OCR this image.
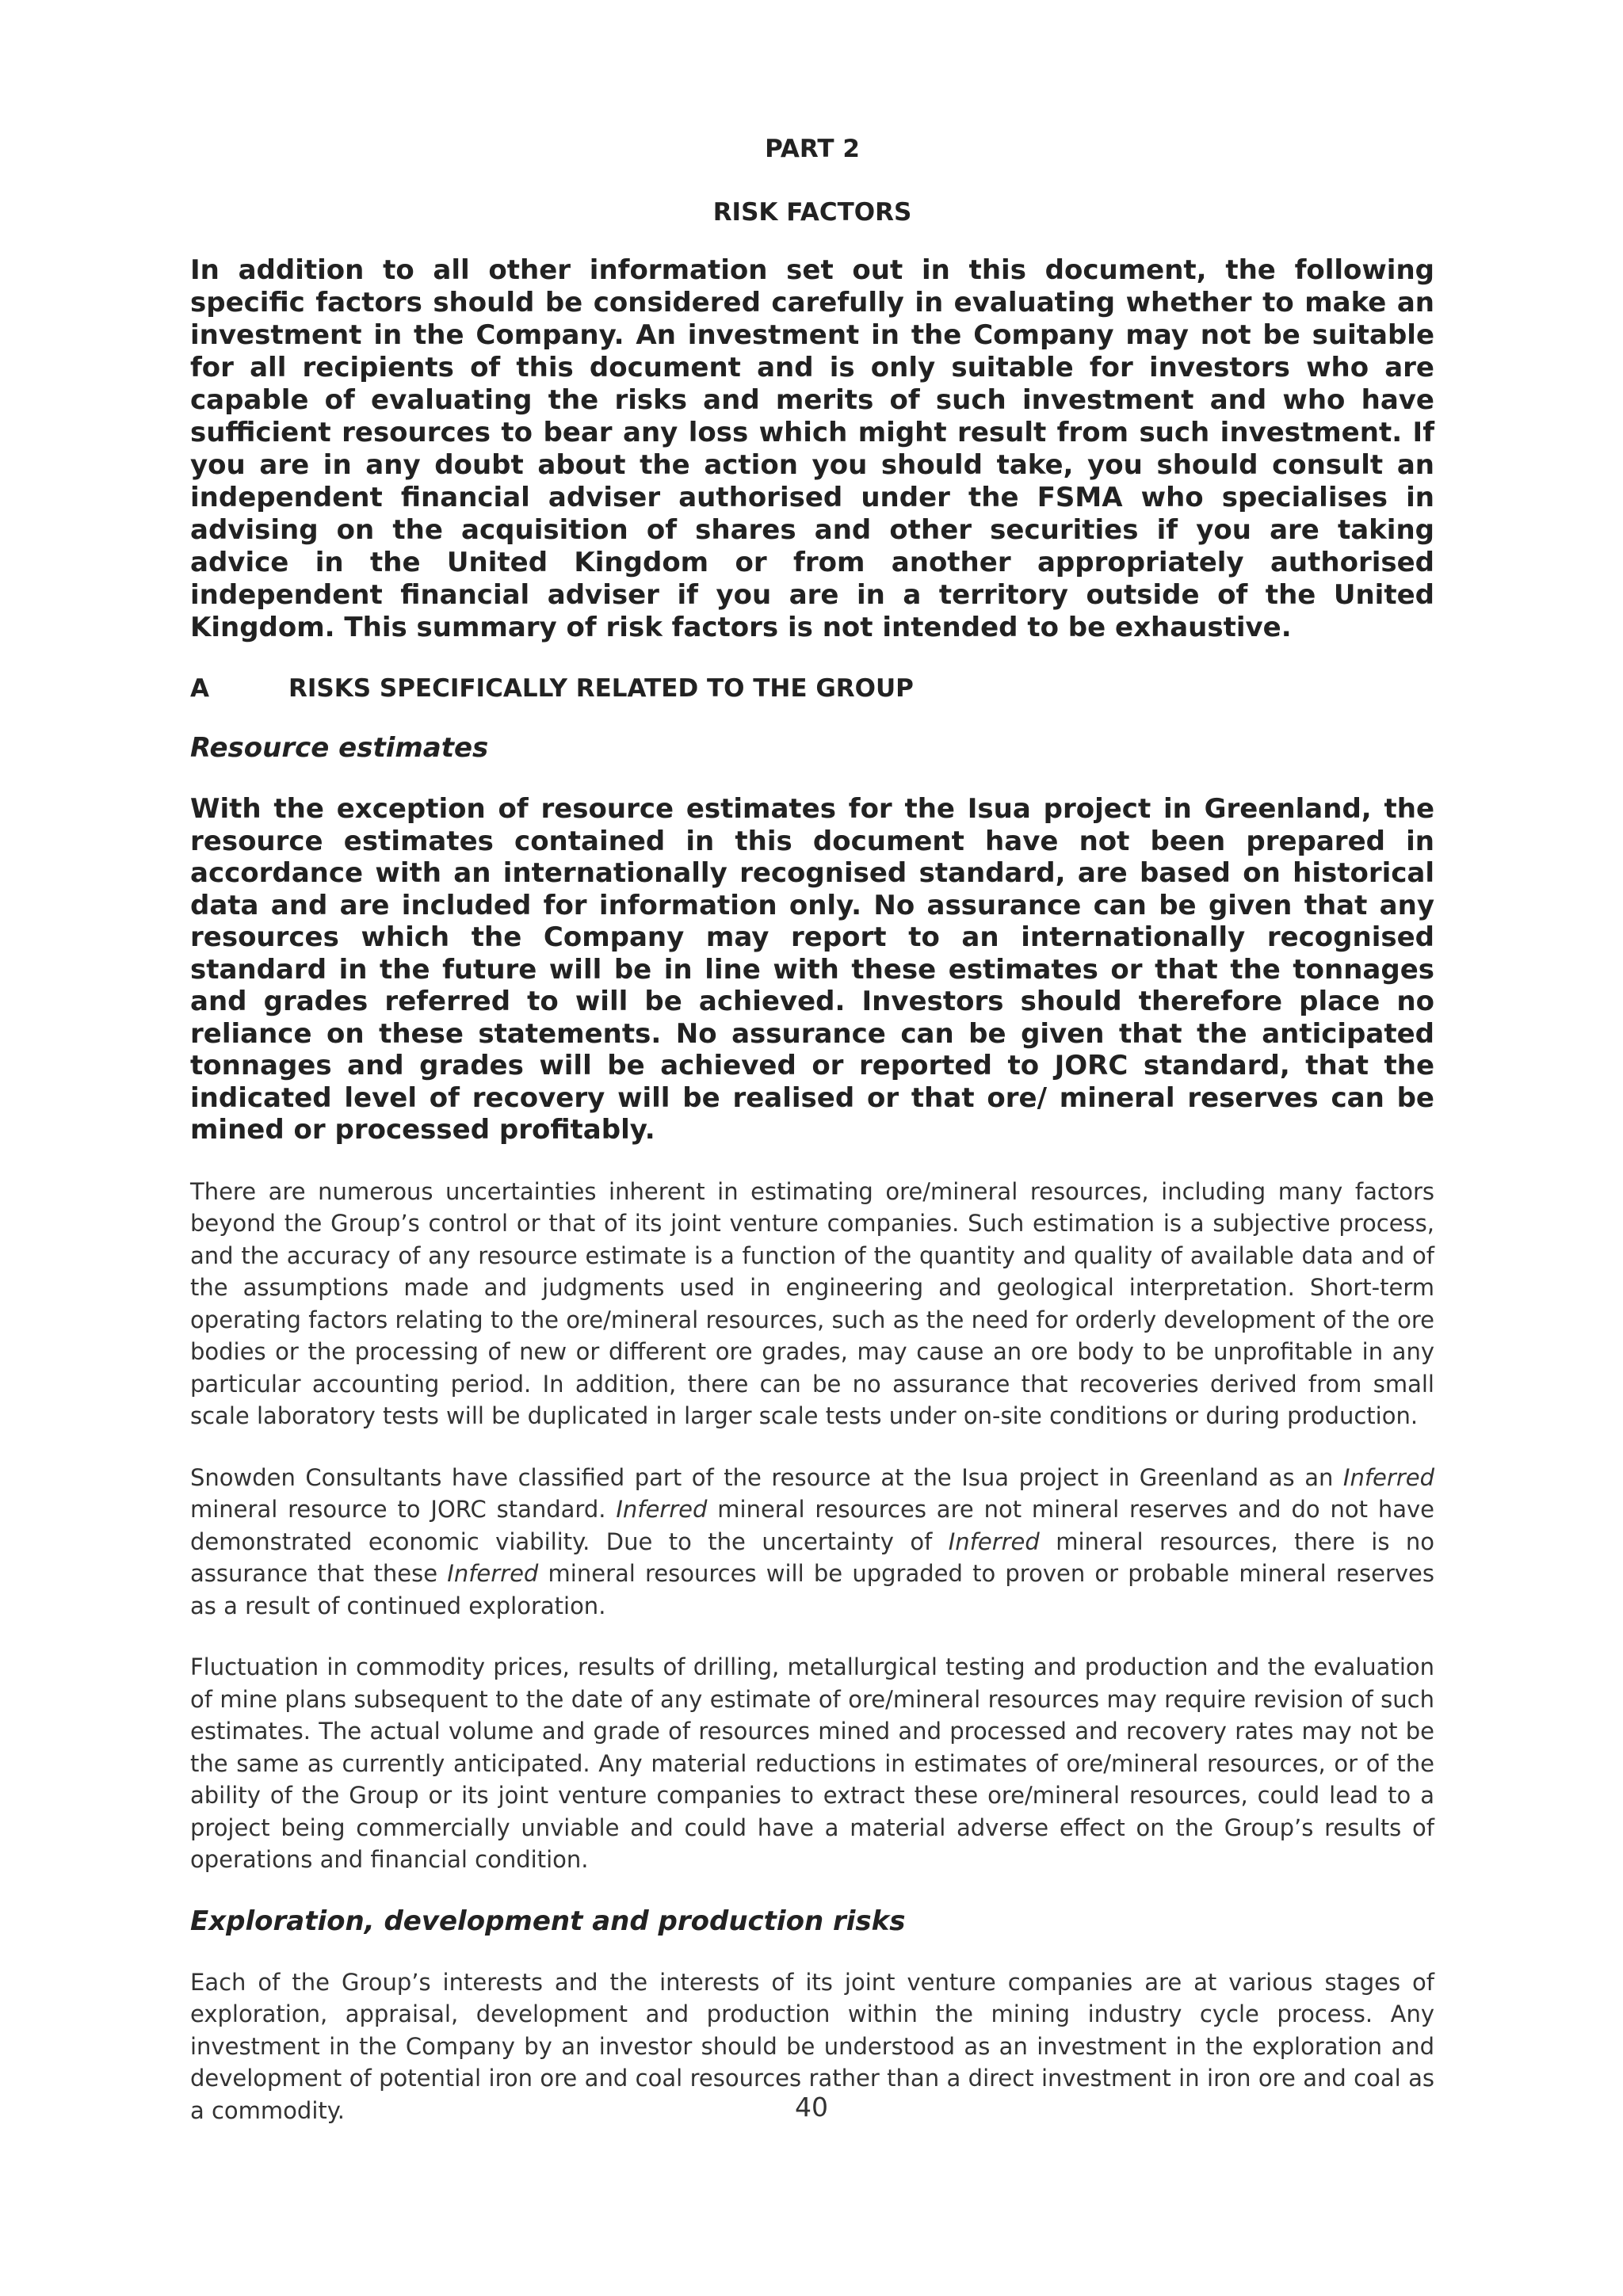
PART 2

RISK FACTORS

In addition to all other information set out in this document, the following specific factors should be considered carefully in evaluating whether to make an investment in the Company. An investment in the Company may not be suitable for all recipients of this document and is only suitable for investors who are capable of evaluating the risks and merits of such investment and who have sufficient resources to bear any loss which might result from such investment. If you are in any doubt about the action you should take, you should consult an independent financial adviser authorised under the FSMA who specialises in advising on the acquisition of shares and other securities if you are taking advice in the United Kingdom or from another appropriately authorised independent financial adviser if you are in a territory outside of the United Kingdom. This summary of risk factors is not intended to be exhaustive.

A	RISKS SPECIFICALLY RELATED TO THE GROUP

Resource estimates

With the exception of resource estimates for the Isua project in Greenland, the resource estimates contained in this document have not been prepared in accordance with an internationally recognised standard, are based on historical data and are included for information only. No assurance can be given that any resources which the Company may report to an internationally recognised standard in the future will be in line with these estimates or that the tonnages and grades referred to will be achieved. Investors should therefore place no reliance on these statements. No assurance can be given that the anticipated tonnages and grades will be achieved or reported to JORC standard, that the indicated level of recovery will be realised or that ore/ mineral reserves can be mined or processed profitably.

There are numerous uncertainties inherent in estimating ore/mineral resources, including many factors beyond the Group’s control or that of its joint venture companies. Such estimation is a subjective process, and the accuracy of any resource estimate is a function of the quantity and quality of available data and of the assumptions made and judgments used in engineering and geological interpretation. Short-term operating factors relating to the ore/mineral resources, such as the need for orderly development of the ore bodies or the processing of new or different ore grades, may cause an ore body to be unprofitable in any particular accounting period. In addition, there can be no assurance that recoveries derived from small scale laboratory tests will be duplicated in larger scale tests under on-site conditions or during production.

Snowden Consultants have classified part of the resource at the Isua project in Greenland as an Inferred mineral resource to JORC standard. Inferred mineral resources are not mineral reserves and do not have demonstrated economic viability. Due to the uncertainty of Inferred mineral resources, there is no assurance that these Inferred mineral resources will be upgraded to proven or probable mineral reserves as a result of continued exploration.

Fluctuation in commodity prices, results of drilling, metallurgical testing and production and the evaluation of mine plans subsequent to the date of any estimate of ore/mineral resources may require revision of such estimates. The actual volume and grade of resources mined and processed and recovery rates may not be the same as currently anticipated. Any material reductions in estimates of ore/mineral resources, or of the ability of the Group or its joint venture companies to extract these ore/mineral resources, could lead to a project being commercially unviable and could have a material adverse effect on the Group’s results of operations and financial condition.

Exploration, development and production risks

Each of the Group’s interests and the interests of its joint venture companies are at various stages of exploration, appraisal, development and production within the mining industry cycle process. Any investment in the Company by an investor should be understood as an investment in the exploration and development of potential iron ore and coal resources rather than a direct investment in iron ore and coal as a commodity.	40
